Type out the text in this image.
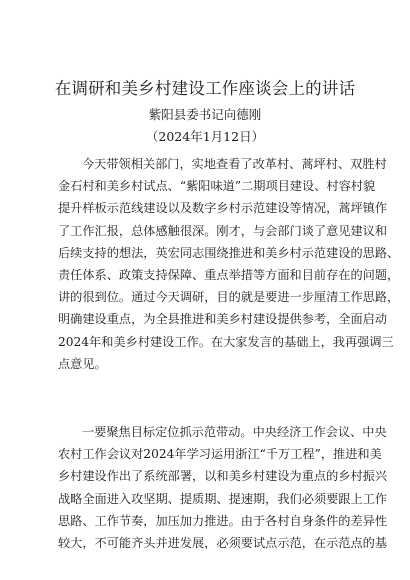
在调研和美乡村建设工作座谈会上的讲话
紫阳县委书记向德刚
（2024年1月12日）
今天带领相关部门，实地查看了改革村、蒿坪村、双胜村
金石村和美乡村试点、“紫阳味道”二期项目建设、村容村貌
提升样板示范线建设以及数字乡村示范建设等情况，蒿坪镇作
了工作汇报，总体感触很深。刚才，与会部门谈了意见建议和
后续支持的想法，英宏同志围绕推进和美乡村示范建设的思路、
责任体系、政策支持保障、重点举措等方面和目前存在的问题，
讲的很到位。通过今天调研，目的就是要进一步厘清工作思路，
明确建设重点，为全县推进和美乡村建设提供参考，全面启动
2024年和美乡村建设工作。在大家发言的基础上，我再强调三
点意见。
一要聚焦目标定位抓示范带动。中央经济工作会议、中央
农村工作会议对2024年学习运用浙江“千万工程”，推进和美
乡村建设作出了系统部署，以和美乡村建设为重点的乡村振兴
战略全面进入攻坚期、提质期、提速期，我们必须要跟上工作
思路、工作节奏，加压加力推进。由于各村自身条件的差异性
较大，不可能齐头并进发展，必须要试点示范，在示范点的基
